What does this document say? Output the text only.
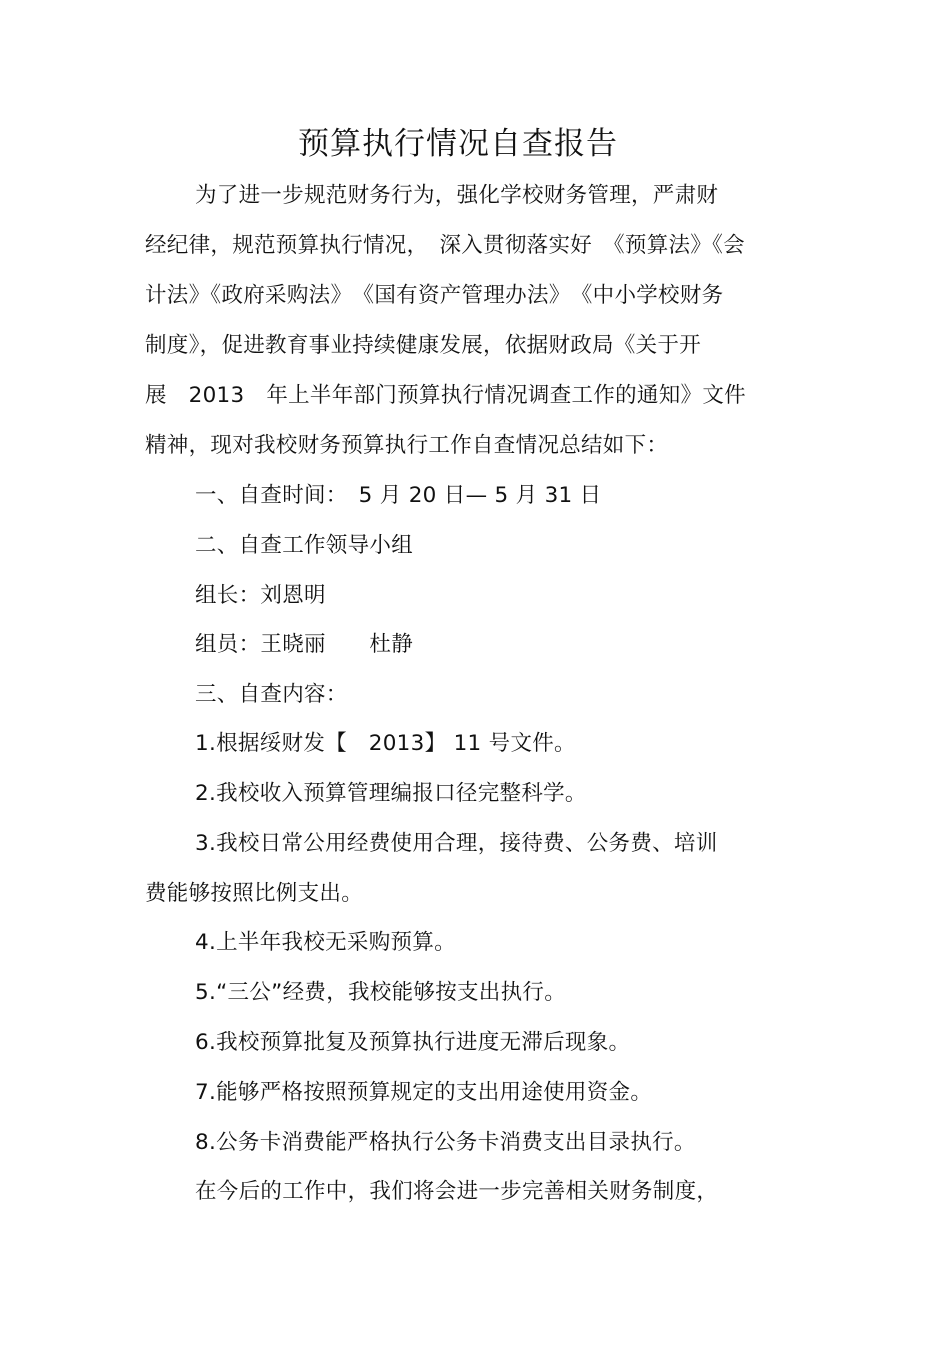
预算执行情况自查报告
为了进一步规范财务行为，强化学校财务管理，严肃财
经纪律，规范预算执行情况，　深入贯彻落实好　《预算法》《会
计法》《政府采购法》　《国有资产管理办法》　《中小学校财务
制度》，促进教育事业持续健康发展，依据财政局《关于开
展　2013　年上半年部门预算执行情况调查工作的通知》文件
精神，现对我校财务预算执行工作自查情况总结如下：
一、自查时间：　5 月 20 日— 5 月 31 日
二、自查工作领导小组
组长：刘恩明
组员：王晓丽　　杜静
三、自查内容：
1.根据绥财发【　2013】 11 号文件。
2.我校收入预算管理编报口径完整科学。
3.我校日常公用经费使用合理，接待费、公务费、培训
费能够按照比例支出。
4.上半年我校无采购预算。
5.“三公”经费，我校能够按支出执行。
6.我校预算批复及预算执行进度无滞后现象。
7.能够严格按照预算规定的支出用途使用资金。
8.公务卡消费能严格执行公务卡消费支出目录执行。
在今后的工作中，我们将会进一步完善相关财务制度，
